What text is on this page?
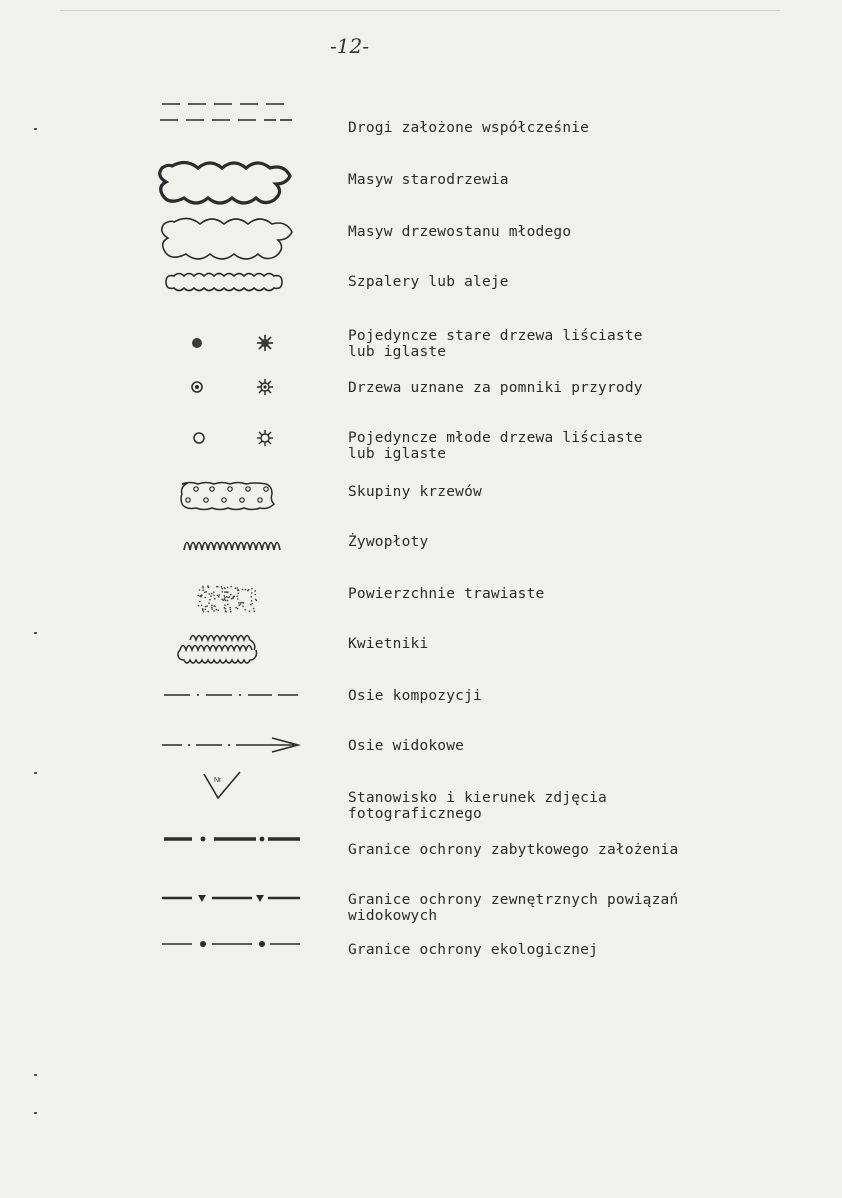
-12-
Drogi założone współcześnie
Masyw starodrzewia
Masyw drzewostanu młodego
Szpalery lub aleje
Pojedyncze stare drzewa liściaste
lub iglaste
Drzewa uznane za pomniki przyrody
Pojedyncze młode drzewa liściaste
lub iglaste
Skupiny krzewów
Żywopłoty
Powierzchnie trawiaste
Kwietniki
Osie kompozycji
Osie widokowe
Nr
Stanowisko i kierunek zdjęcia
fotograficznego
Granice ochrony zabytkowego założenia
Granice ochrony zewnętrznych powiązań
widokowych
Granice ochrony ekologicznej
